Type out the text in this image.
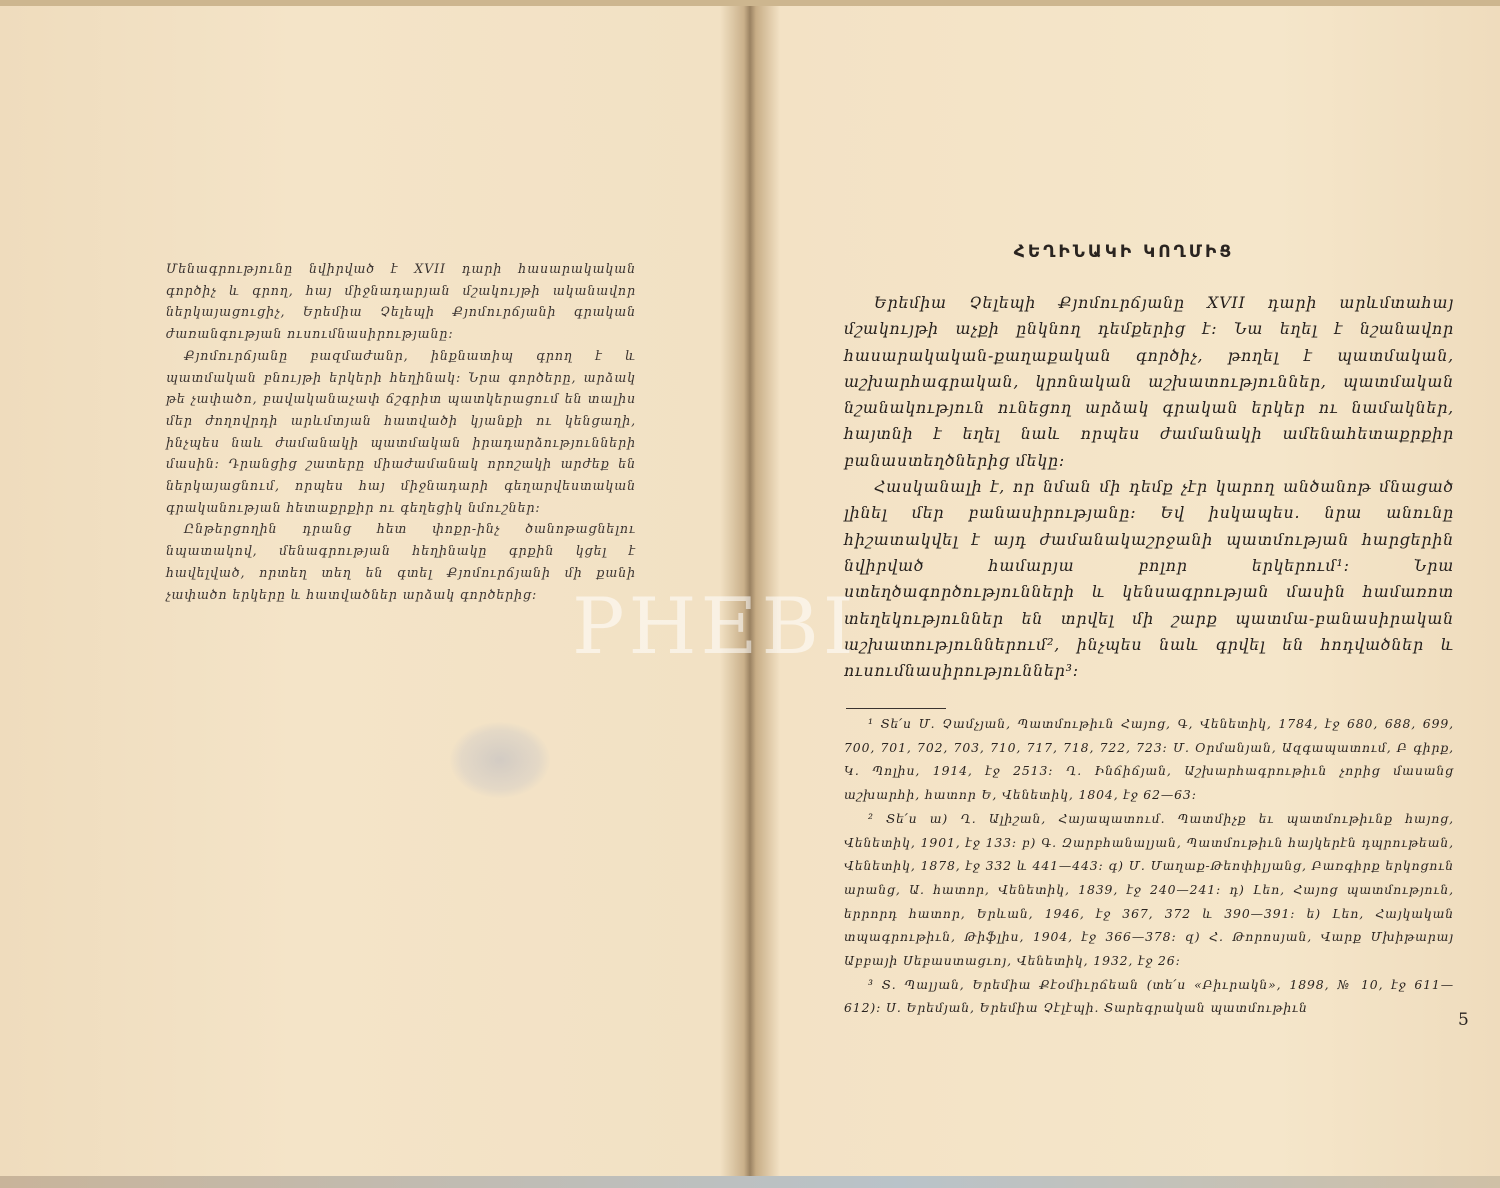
Մենագրությունը նվիրված է XVII դարի հասարակական գործիչ և գրող, հայ միջնադարյան մշակույթի ականավոր ներկայացուցիչ, Երեմիա Չելեպի Քյոմուրճյանի գրական ժառանգության ուսումնասիրությանը։

Քյոմուրճյանը բազմաժանր, ինքնատիպ գրող է և պատմական բնույթի երկերի հեղինակ։ Նրա գործերը, արձակ թե չափածո, բավականաչափ ճշգրիտ պատկերացում են տալիս մեր ժողովրդի արևմտյան հատվածի կյանքի ու կենցաղի, ինչպես նաև ժամանակի պատմական իրադարձությունների մասին։ Դրանցից շատերը միաժամանակ որոշակի արժեք են ներկայացնում, որպես հայ միջնադարի գեղարվեստական գրականության հետաքրքիր ու գեղեցիկ նմուշներ։

Ընթերցողին դրանց հետ փոքր-ինչ ծանոթացնելու նպատակով, մենագրության հեղինակը գրքին կցել է հավելված, որտեղ տեղ են գտել Քյոմուրճյանի մի քանի չափածո երկերը և հատվածներ արձակ գործերից։

ՀԵՂԻՆԱԿԻ ԿՈՂՄԻՑ

Երեմիա Չելեպի Քյոմուրճյանը XVII դարի արևմտահայ մշակույթի աչքի ընկնող դեմքերից է։ Նա եղել է նշանավոր հասարակական-քաղաքական գործիչ, թողել է պատմական, աշխարհագրական, կրոնական աշխատություններ, պատմական նշանակություն ունեցող արձակ գրական երկեր ու նամակներ, հայտնի է եղել նաև որպես ժամանակի ամենահետաքրքիր բանաստեղծներից մեկը։

Հասկանալի է, որ նման մի դեմք չէր կարող անծանոթ մնացած լինել մեր բանասիրությանը։ Եվ իսկապես. նրա անունը հիշատակվել է այդ ժամանակաշրջանի պատմության հարցերին նվիրված համարյա բոլոր երկերում¹։ Նրա ստեղծագործությունների և կենսագրության մասին համառոտ տեղեկություններ են տրվել մի շարք պատմա-բանասիրական աշխատություններում², ինչպես նաև գրվել են հոդվածներ և ուսումնասիրություններ³։

¹ Տե՛ս Մ. Չամչյան, Պատմութիւն Հայոց, Գ, Վենետիկ, 1784, էջ 680, 688, 699, 700, 701, 702, 703, 710, 717, 718, 722, 723։ Մ. Օրմանյան, Ազգապատում, Բ գիրք, Կ. Պոլիս, 1914, էջ 2513։ Ղ. Ինճիճյան, Աշխարհագրութիւն չորից մասանց աշխարհի, հատոր Ե, Վենետիկ, 1804, էջ 62—63։

² Տե՛ս ա) Ղ. Ալիշան, Հայապատում. Պատմիչք եւ պատմութիւնք հայոց, Վենետիկ, 1901, էջ 133։ բ) Գ. Զարբհանալյան, Պատմութիւն հայկերէն դպրութեան, Վենետիկ, 1878, էջ 332 և 441—443։ գ) Մ. Մաղաք-Թեոփիլյանց, Բառգիրք երկոցուն արանց, Ա. հատոր, Վենետիկ, 1839, էջ 240—241։ դ) Լեո, Հայոց պատմություն, երրորդ հատոր, Երևան, 1946, էջ 367, 372 և 390—391։ ե) Լեո, Հայկական տպագրութիւն, Թիֆլիս, 1904, էջ 366—378։ զ) Հ. Թորոսյան, Վարք Մխիթարայ Աբբայի Սեբաստացւոյ, Վենետիկ, 1932, էջ 26։

³ Տ. Պալյան, Երեմիա Քէօմիւրճեան (տե՛ս «Բիւրակն», 1898, № 10, էջ 611—612)։ Ս. Երեմյան, Երեմիա Չէլէպի. Տարեգրական պատմութիւն

5
PHEBI
